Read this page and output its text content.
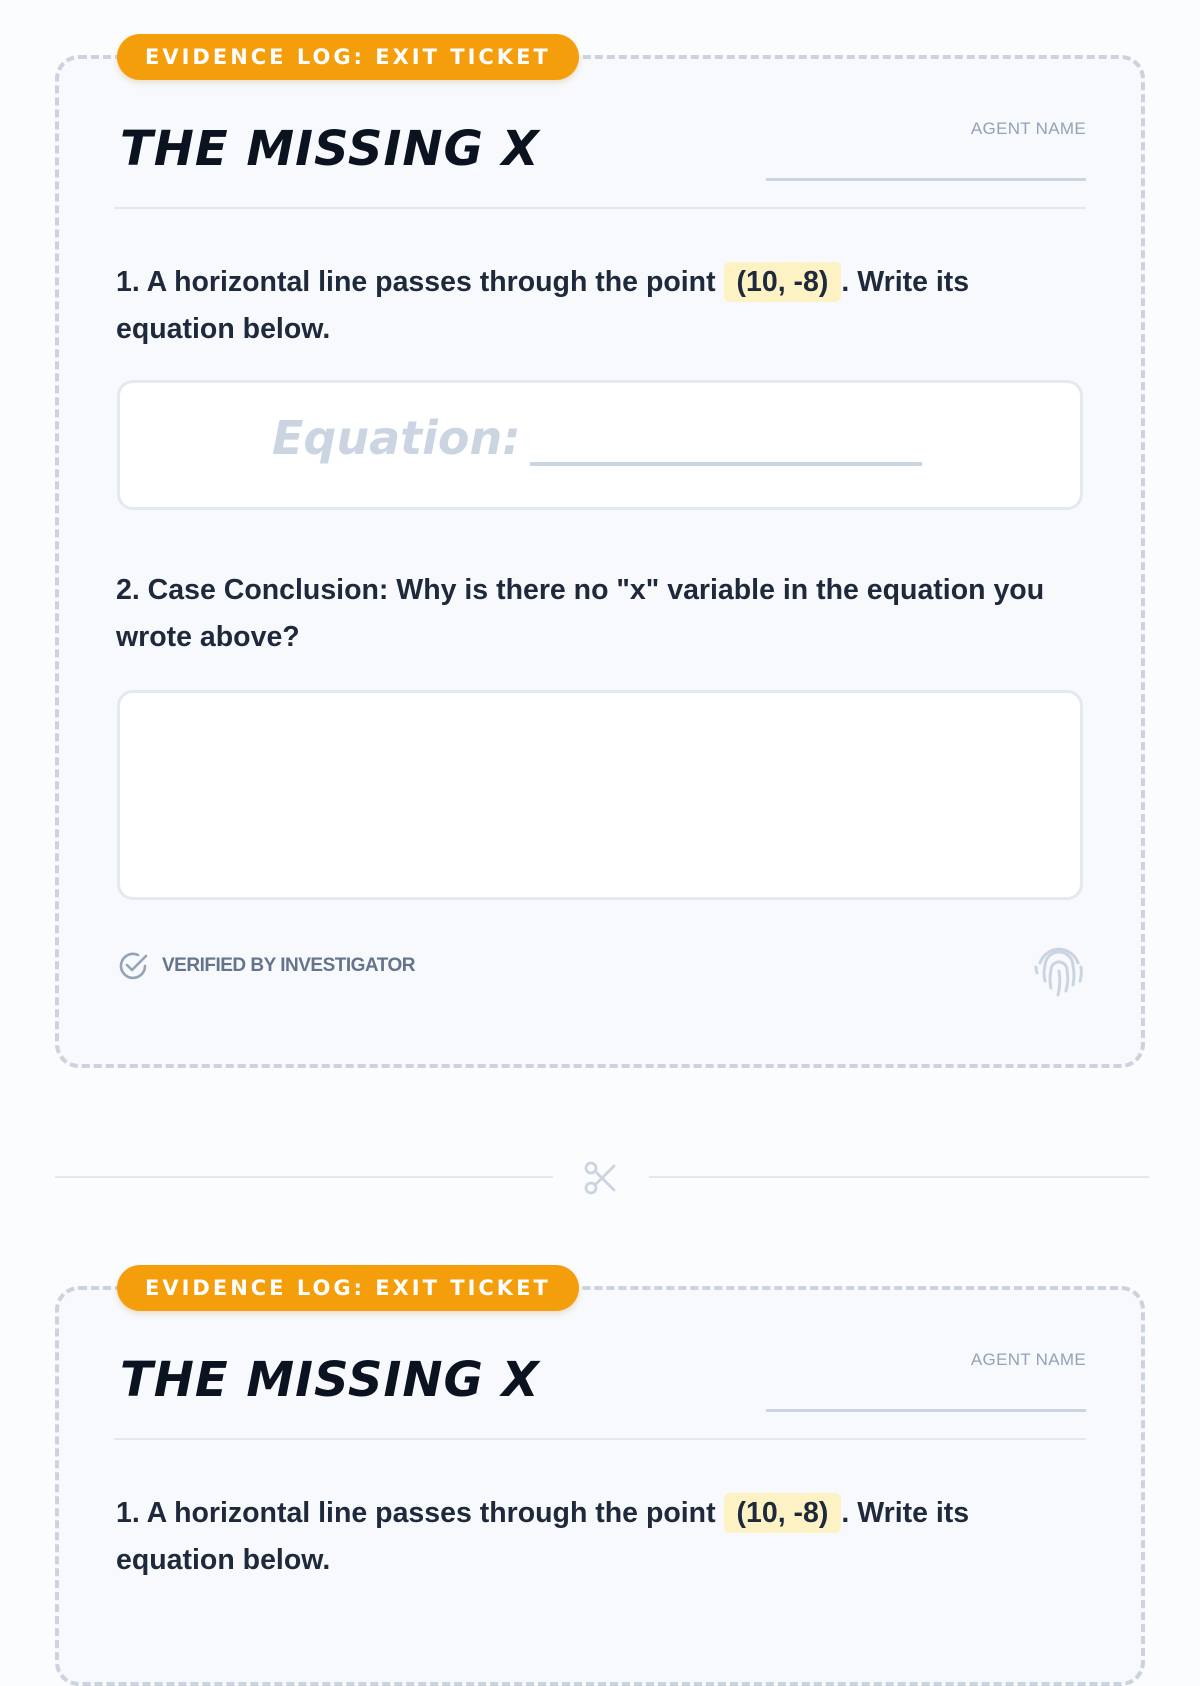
EVIDENCE LOG: EXIT TICKET
THE MISSING X	AGENT NAME
1. A horizontal line passes through the point (10, -8) . Write its equation below.
Equation:
2. Case Conclusion: Why is there no "x" variable in the equation you wrote above?
VERIFIED BY INVESTIGATOR
EVIDENCE LOG: EXIT TICKET
THE MISSING X	AGENT NAME
1. A horizontal line passes through the point (10, -8) . Write its equation below.
